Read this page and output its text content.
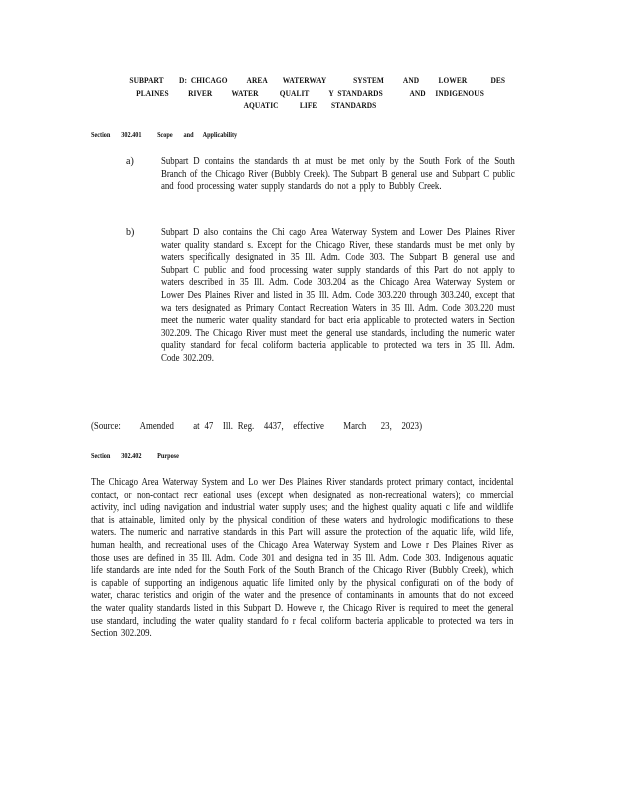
SUBPART        D:  CHICAGO          AREA        WATERWAY              SYSTEM          AND          LOWER            DES
PLAINES          RIVER          WATER           QUALIT          Y  STANDARDS              AND     INDIGENOUS
AQUATIC           LIFE       STANDARDS
Section       302.401          Scope       and      Applicability
a)	Subpart D contains the standards th at must be met only by the South Fork of the South Branch of the Chicago River (Bubbly Creek). The Subpart B general use and Subpart C public and food processing water supply standards do not a pply to Bubbly Creek.
b)	Subpart D also contains the Chi cago Area Waterway System and Lower Des Plaines River water quality standard s. Except for the Chicago River, these standards must be met only by waters specifically designated in 35 Ill. Adm. Code 303. The Subpart B general use and Subpart C public and food processing water supply standards of this Part do not apply to waters described in 35 Ill. Adm. Code 303.204 as the Chicago Area Waterway System or Lower Des Plaines River and listed in 35 Ill. Adm. Code 303.220 through 303.240, except that wa ters designated as Primary Contact Recreation Waters in 35 Ill. Adm. Code 303.220 must meet the numeric water quality standard for bact eria applicable to protected waters in Section 302.209. The Chicago River must meet the general use standards, including the numeric water quality standard for fecal coliform bacteria applicable to protected wa ters in 35 Ill. Adm. Code 302.209.
(Source:    Amended    at 47  Ill. Reg.  4437,  effective    March   23,  2023)
Section       302.402          Purpose
The Chicago Area Waterway System and Lo wer Des Plaines River standards protect primary contact, incidental contact, or non-contact recr eational uses (except when designated as non-recreational waters); co mmercial activity, incl uding navigation and industrial water supply uses; and the highest quality aquati c life and wildlife that is attainable, limited only by the physical condition of these waters and hydrologic modifications to these waters. The numeric and narrative standards in this Part will assure the protection of the aquatic life, wild life, human health, and recreational uses of the Chicago Area Waterway System and Lowe r Des Plaines River as those uses are defined in 35 Ill. Adm. Code 301 and designa ted in 35 Ill. Adm. Code 303. Indigenous aquatic life standards are inte nded for the South Fork of the South Branch of the Chicago River (Bubbly Creek), which is capable of supporting an indigenous aquatic life limited only by the physical configurati on of the body of water, charac teristics and origin of the water and the presence of contaminants in amounts that do not exceed the water quality standards listed in this Subpart D. Howeve r, the Chicago River is required to meet the general use standard, including the water quality standard fo r fecal coliform bacteria applicable to protected wa ters in Section 302.209.
